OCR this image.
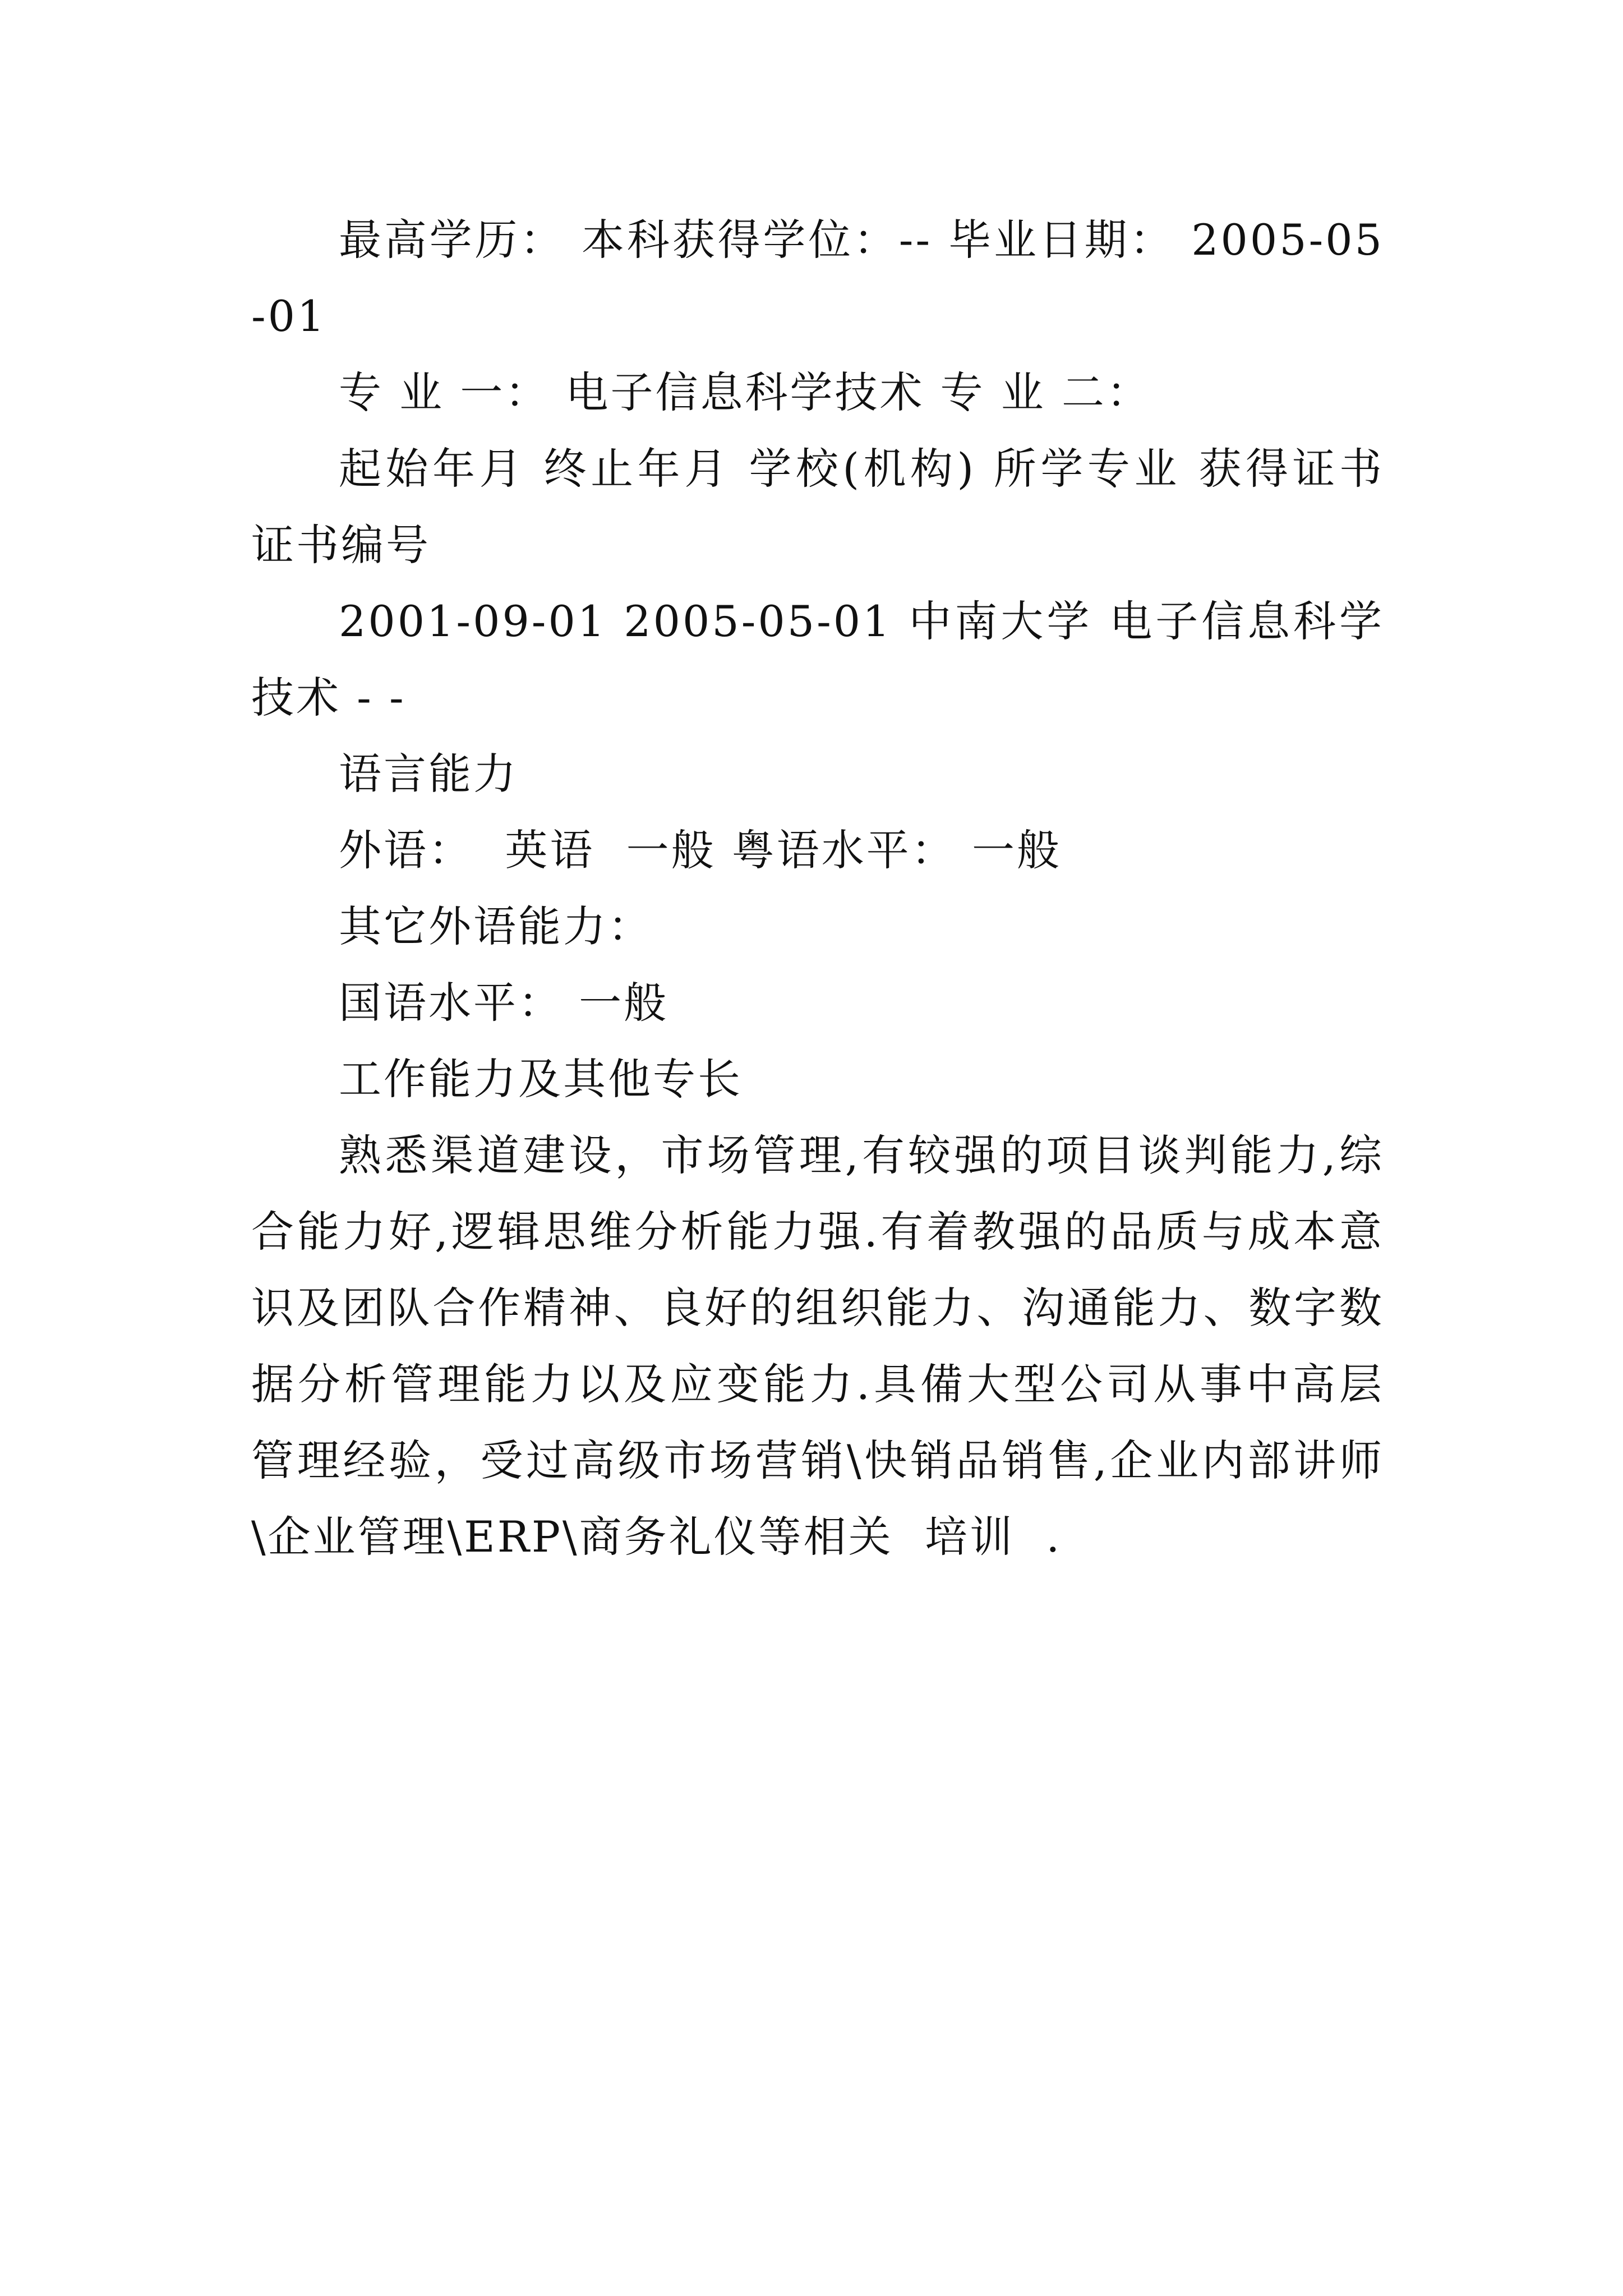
最高学历： 本科获得学位：-- 毕业日期： 2005-05-01

专 业 一： 电子信息科学技术 专 业 二：

起始年月 终止年月 学校(机构) 所学专业 获得证书 证书编号

2001-09-01 2005-05-01 中南大学 电子信息科学技术 - -

语言能力

外语：  英语  一般 粤语水平： 一般

其它外语能力：

国语水平： 一般

工作能力及其他专长

熟悉渠道建设，市场管理,有较强的项目谈判能力,综合能力好,逻辑思维分析能力强.有着教强的品质与成本意识及团队合作精神、良好的组织能力、沟通能力、数字数据分析管理能力以及应变能力.具備大型公司从事中高层管理经验，受过高级市场营销\快销品销售,企业内部讲师\企业管理\ERP\商务礼仪等相关  培训  .
